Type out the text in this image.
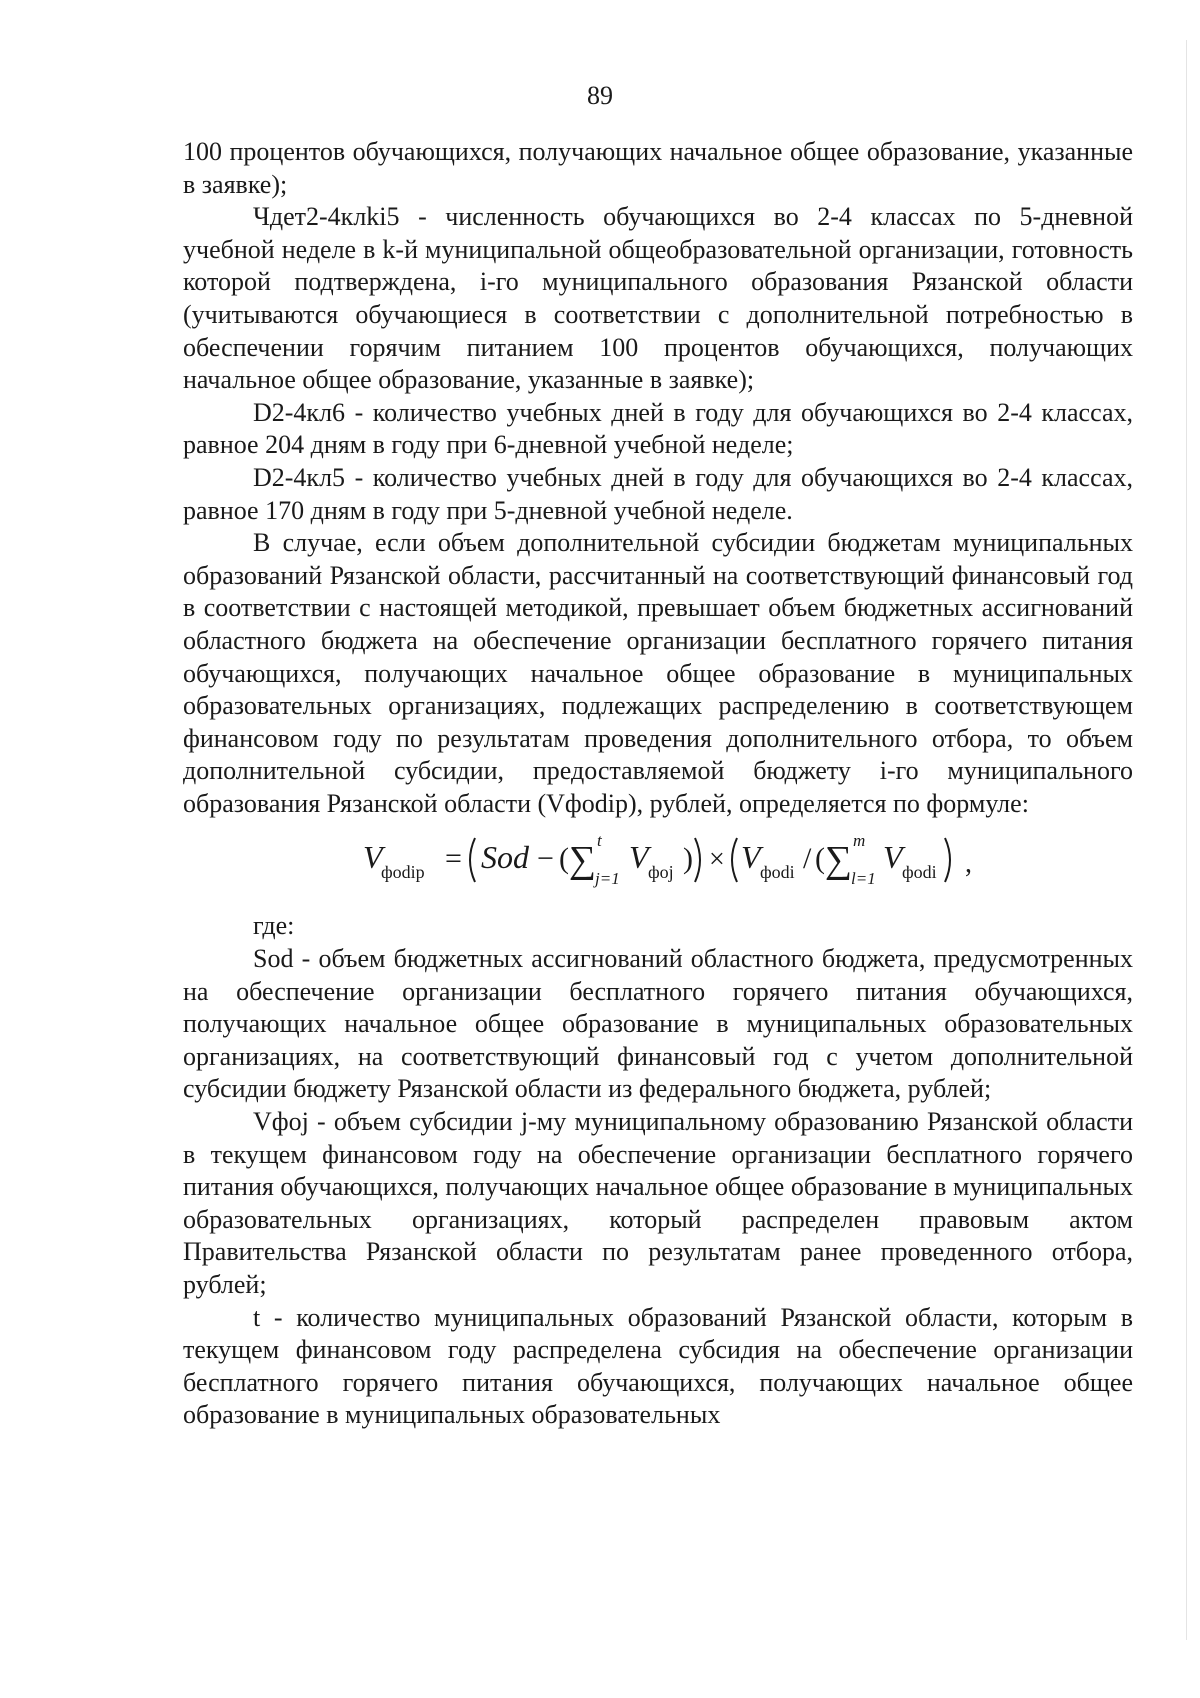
89

100 процентов обучающихся, получающих начальное общее образование, указанные в заявке);

Чдет2-4клki5 - численность обучающихся во 2-4 классах по 5-дневной учебной неделе в k-й муниципальной общеобразовательной организации, готовность которой подтверждена, i-го муниципального образования Рязанской области (учитываются обучающиеся в соответствии с дополнительной потребностью в обеспечении горячим питанием 100 процентов обучающихся, получающих начальное общее образование, указанные в заявке);

D2-4кл6 - количество учебных дней в году для обучающихся во 2-4 классах, равное 204 дням в году при 6-дневной учебной неделе;

D2-4кл5 - количество учебных дней в году для обучающихся во 2-4 классах, равное 170 дням в году при 5-дневной учебной неделе.

В случае, если объем дополнительной субсидии бюджетам муниципальных образований Рязанской области, рассчитанный на соответствующий финансовый год в соответствии с настоящей методикой, превышает объем бюджетных ассигнований областного бюджета на обеспечение организации бесплатного горячего питания обучающихся, получающих начальное общее образование в муниципальных образовательных организациях, подлежащих распределению в соответствующем финансовом году по результатам проведения дополнительного отбора, то объем дополнительной субсидии, предоставляемой бюджету i-го муниципального образования Рязанской области (Vфodip), рублей, определяется по формуле:

V
фodip = Sod − ( ∑ t
j=1
V фoj ) × V фodi / ( ∑ m
l=1
V фodi ,

где:

Sod - объем бюджетных ассигнований областного бюджета, предусмотренных на обеспечение организации бесплатного горячего питания обучающихся, получающих начальное общее образование в муниципальных образовательных организациях, на соответствующий финансовый год с учетом дополнительной субсидии бюджету Рязанской области из федерального бюджета, рублей;

Vфoj - объем субсидии j-му муниципальному образованию Рязанской области в текущем финансовом году на обеспечение организации бесплатного горячего питания обучающихся, получающих начальное общее образование в муниципальных образовательных организациях, который распределен правовым актом Правительства Рязанской области по результатам ранее проведенного отбора, рублей;

t - количество муниципальных образований Рязанской области, которым в текущем финансовом году распределена субсидия на обеспечение организации бесплатного горячего питания обучающихся, получающих начальное общее образование в муниципальных образовательных
